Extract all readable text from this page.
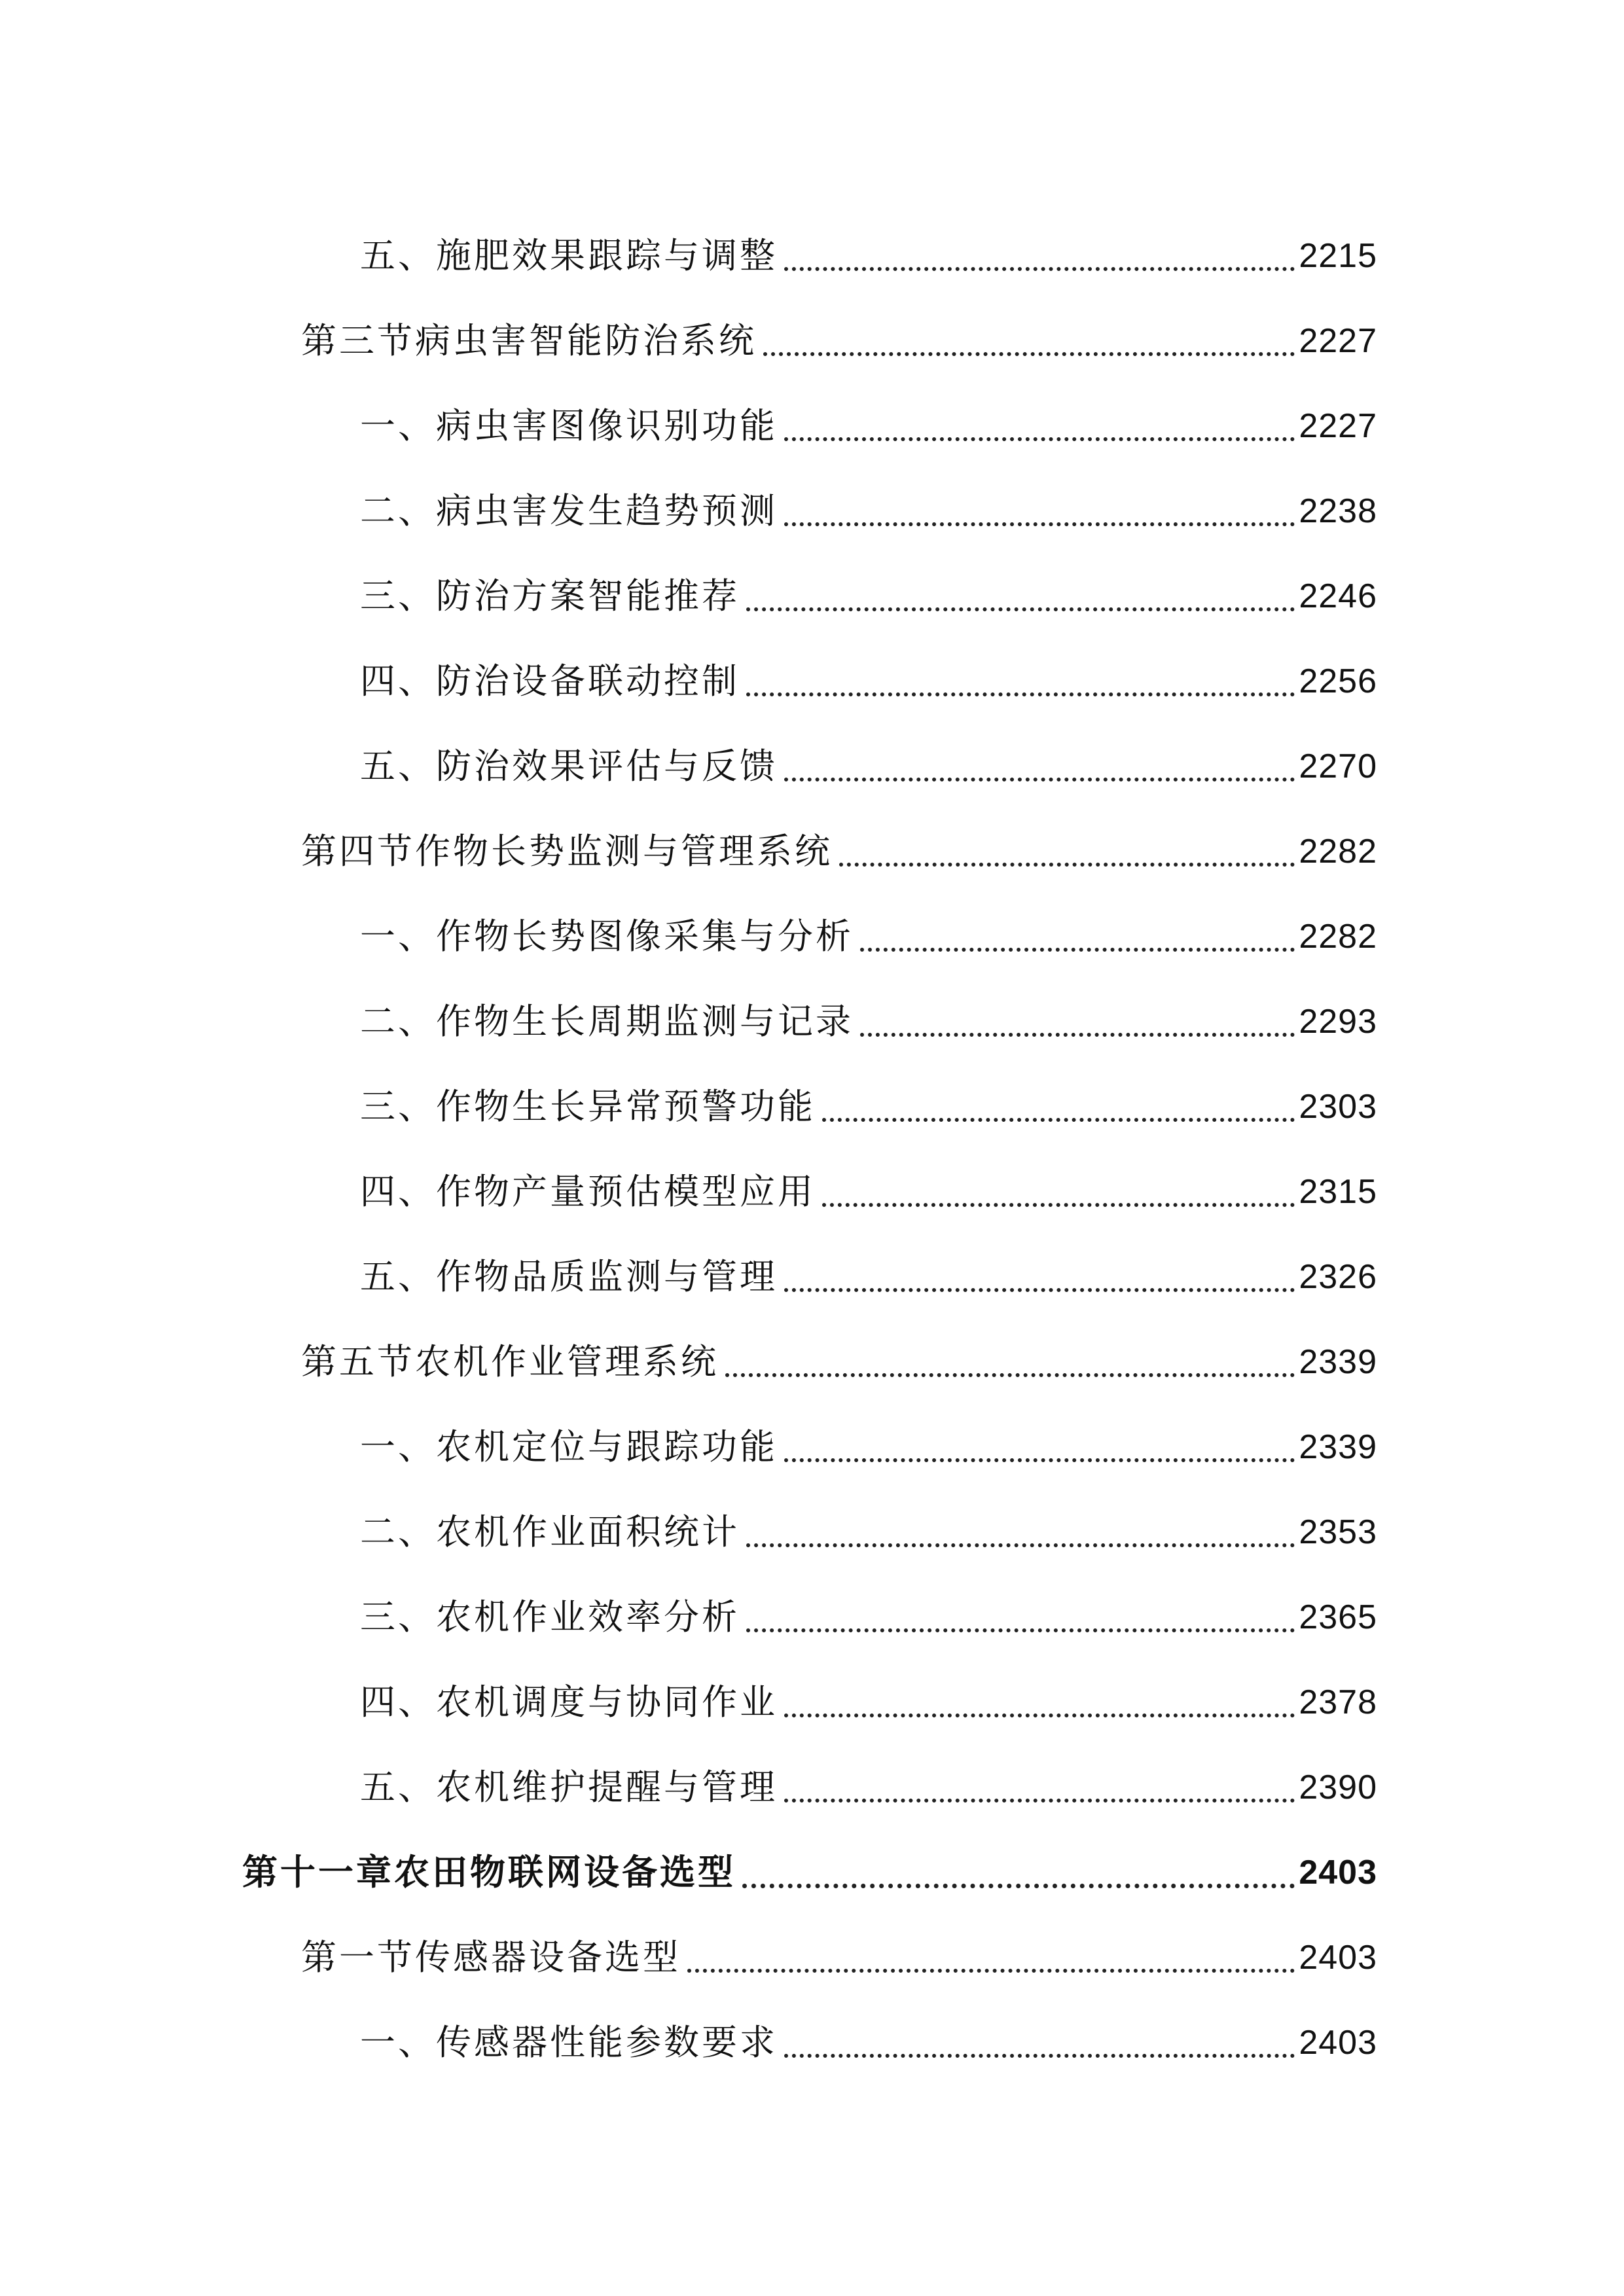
五、施肥效果跟踪与调整	2215
第三节病虫害智能防治系统	2227
一、病虫害图像识别功能	2227
二、病虫害发生趋势预测	2238
三、防治方案智能推荐	2246
四、防治设备联动控制	2256
五、防治效果评估与反馈	2270
第四节作物长势监测与管理系统	2282
一、作物长势图像采集与分析	2282
二、作物生长周期监测与记录	2293
三、作物生长异常预警功能	2303
四、作物产量预估模型应用	2315
五、作物品质监测与管理	2326
第五节农机作业管理系统	2339
一、农机定位与跟踪功能	2339
二、农机作业面积统计	2353
三、农机作业效率分析	2365
四、农机调度与协同作业	2378
五、农机维护提醒与管理	2390
第十一章农田物联网设备选型	2403
第一节传感器设备选型	2403
一、传感器性能参数要求	2403
